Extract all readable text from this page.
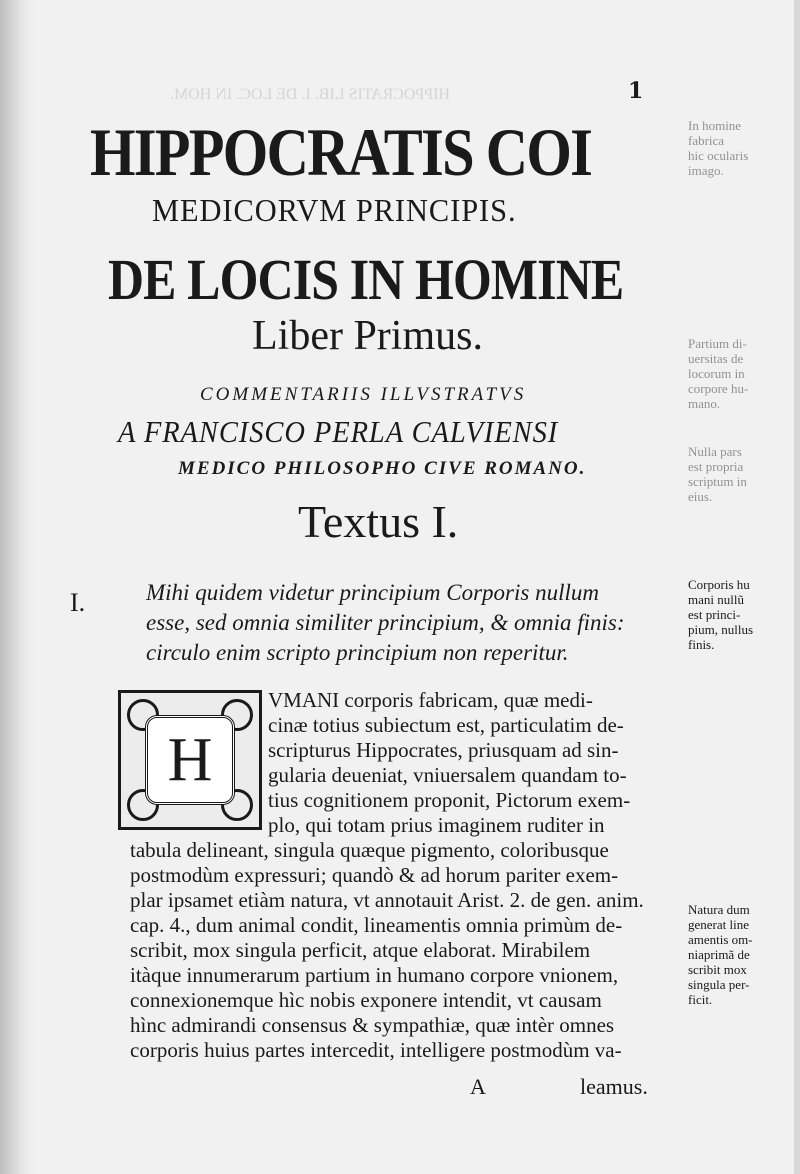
HIPPOCRATIS LIB. I. DE LOC. IN HOM.	1
HIPPOCRATIS COI
MEDICORVM PRINCIPIS.
DE LOCIS IN HOMINE
Liber Primus.
COMMENTARIIS ILLVSTRATVS
A FRANCISCO PERLA CALVIENSI
MEDICO PHILOSOPHO CIVE ROMANO.
Textus I.
I.	Mihi quidem videtur principium Corporis nullum
esse, sed omnia similiter principium, & omnia finis:
circulo enim scripto principium non reperitur.
H
VMANI corporis fabricam, quæ medi-
cinæ totius subiectum est, particulatim de-
scripturus Hippocrates, priusquam ad sin-
gularia deueniat, vniuersalem quandam to-
tius cognitionem proponit, Pictorum exem-
plo, qui totam prius imaginem ruditer in
tabula delineant, singula quæque pigmento, coloribusque
postmodùm expressuri; quandò & ad horum pariter exem-
plar ipsamet etiàm natura, vt annotauit Arist. 2. de gen. anim.
cap. 4., dum animal condit, lineamentis omnia primùm de-
scribit, mox singula perficit, atque elaborat. Mirabilem
itàque innumerarum partium in humano corpore vnionem,
connexionemque hìc nobis exponere intendit, vt causam
hìnc admirandi consensus & sympathiæ, quæ intèr omnes
corporis huius partes intercedit, intelligere postmodùm va-
A	leamus.
In homine
fabrica
hic ocularis
imago.
Partium di-
uersitas de
locorum in
corpore hu-
mano.
Nulla pars
est propria
scriptum in
eius.
Corporis hu
mani nullũ
est princi-
pium, nullus
finis.
Natura dum
generat line
amentis om-
niaprimã de
scribit mox
singula per-
ficit.
